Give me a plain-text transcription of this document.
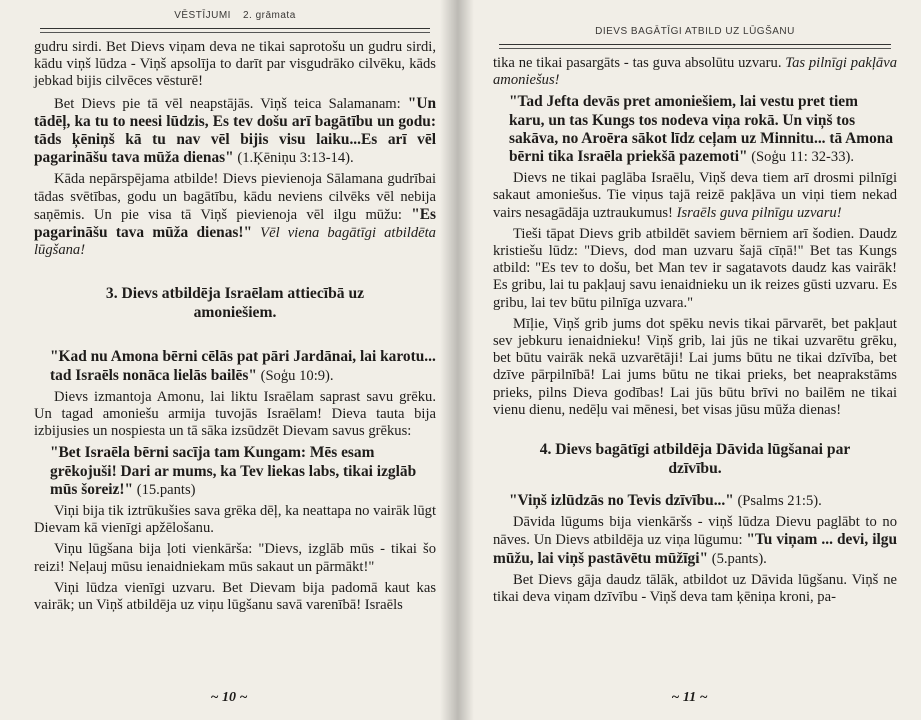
VĒSTĪJUMI 2. grāmata

gudru sirdi. Bet Dievs viņam deva ne tikai saprotošu un gudru sirdi, kādu viņš lūdza - Viņš apsolīja to darīt par visgudrāko cilvēku, kāds jebkad bijis cilvēces vēsturē!

Bet Dievs pie tā vēl neapstājās. Viņš teica Salamanam: "Un tādēļ, ka tu to neesi lūdzis, Es tev došu arī bagātību un godu: tāds ķēniņš kā tu nav vēl bijis visu laiku...Es arī vēl pagarināšu tava mūža dienas" (1.Ķēniņu 3:13-14).

Kāda nepārspējama atbilde! Dievs pievienoja Sālamana gudrībai tādas svētības, godu un bagātību, kādu neviens cilvēks vēl nebija saņēmis. Un pie visa tā Viņš pievienoja vēl ilgu mūžu: "Es pagarināšu tava mūža dienas!" Vēl viena bagātīgi atbildēta lūgšana!

3. Dievs atbildēja Israēlam attiecībā uz amoniešiem.

"Kad nu Amona bērni cēlās pat pāri Jardānai, lai karotu... tad Israēls nonāca lielās bailēs" (Soģu 10:9).

Dievs izmantoja Amonu, lai liktu Israēlam saprast savu grēku. Un tagad amoniešu armija tuvojās Israēlam! Dieva tauta bija izbijusies un nospiesta un tā sāka izsūdzēt Dievam savus grēkus:

"Bet Israēla bērni sacīja tam Kungam: Mēs esam grēkojuši! Dari ar mums, ka Tev liekas labs, tikai izglāb mūs šoreiz!" (15.pants)

Viņi bija tik iztrūkušies sava grēka dēļ, ka neattapa no vairāk lūgt Dievam kā vienīgi apžēlošanu.

Viņu lūgšana bija ļoti vienkārša: "Dievs, izglāb mūs - tikai šo reizi! Neļauj mūsu ienaidniekam mūs sakaut un pārmākt!"

Viņi lūdza vienīgi uzvaru. Bet Dievam bija padomā kaut kas vairāk; un Viņš atbildēja uz viņu lūgšanu savā varenībā! Israēls

~ 10 ~
DIEVS BAGĀTĪGI ATBILD UZ LŪGŠANU

tika ne tikai pasargāts - tas guva absolūtu uzvaru. Tas pilnīgi pakļāva amoniešus!

"Tad Jefta devās pret amoniešiem, lai vestu pret tiem karu, un tas Kungs tos nodeva viņa rokā. Un viņš tos sakāva, no Aroēra sākot līdz ceļam uz Minnitu... tā Amona bērni tika Israēla priekšā pazemoti" (Soģu 11: 32-33).

Dievs ne tikai paglāba Israēlu, Viņš deva tiem arī drosmi pilnīgi sakaut amoniešus. Tie viņus tajā reizē pakļāva un viņi tiem nekad vairs nesagādāja uztraukumus! Israēls guva pilnīgu uzvaru!

Tieši tāpat Dievs grib atbildēt saviem bērniem arī šodien. Daudz kristiešu lūdz: "Dievs, dod man uzvaru šajā cīņā!" Bet tas Kungs atbild: "Es tev to došu, bet Man tev ir sagatavots daudz kas vairāk! Es gribu, lai tu pakļauj savu ienaidnieku un ik reizes gūsti uzvaru. Es gribu, lai tev būtu pilnīga uzvara."

Mīļie, Viņš grib jums dot spēku nevis tikai pārvarēt, bet pakļaut sev jebkuru ienaidnieku! Viņš grib, lai jūs ne tikai uzvarētu grēku, bet būtu vairāk nekā uzvarētāji! Lai jums būtu ne tikai dzīvība, bet dzīve pārpilnībā! Lai jums būtu ne tikai prieks, bet neaprakstāms prieks, pilns Dieva godības! Lai jūs būtu brīvi no bailēm ne tikai vienu dienu, nedēļu vai mēnesi, bet visas jūsu mūža dienas!

4. Dievs bagātīgi atbildēja Dāvida lūgšanai par dzīvību.

"Viņš izlūdzās no Tevis dzīvību..." (Psalms 21:5).

Dāvida lūgums bija vienkāršs - viņš lūdza Dievu paglābt to no nāves. Un Dievs atbildēja uz viņa lūgumu: "Tu viņam ... devi, ilgu mūžu, lai viņš pastāvētu mūžīgi" (5.pants).

Bet Dievs gāja daudz tālāk, atbildot uz Dāvida lūgšanu. Viņš ne tikai deva viņam dzīvību - Viņš deva tam ķēniņa kroni, pa-

~ 11 ~
